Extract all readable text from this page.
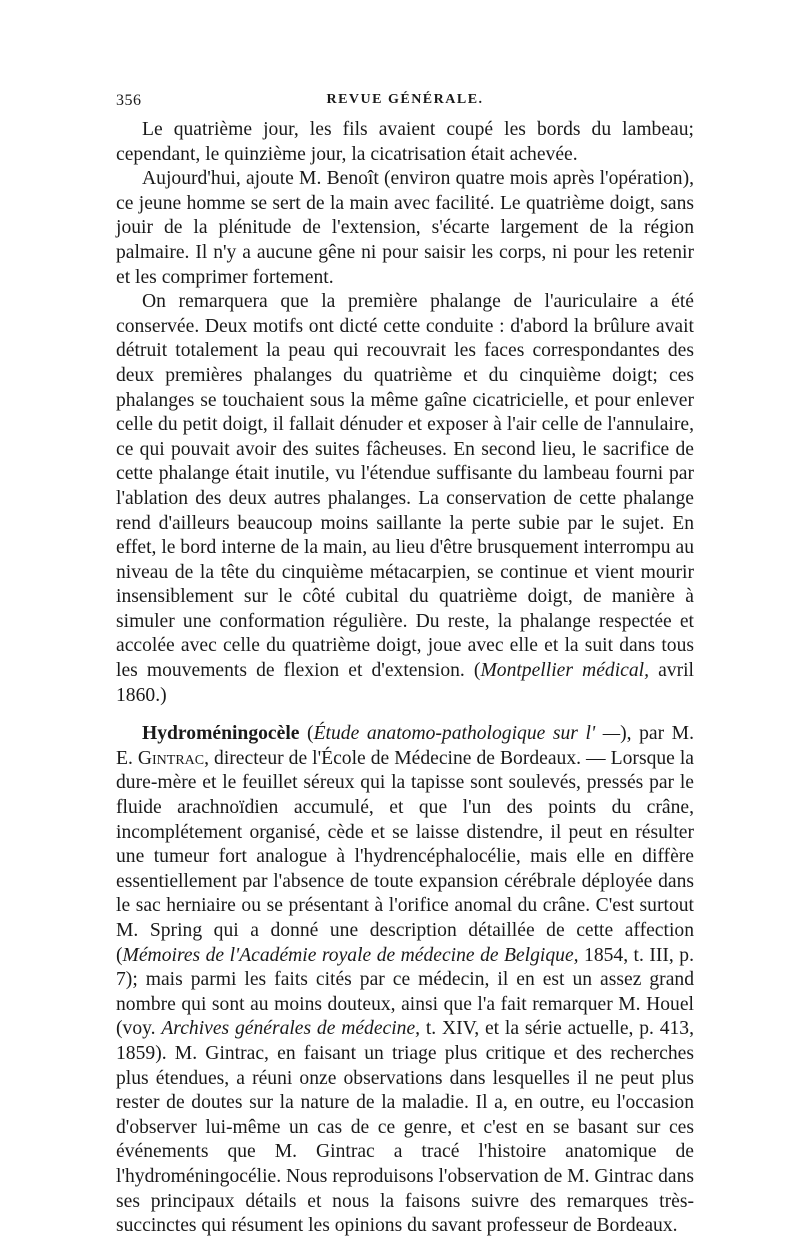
356	REVUE GÉNÉRALE.

Le quatrième jour, les fils avaient coupé les bords du lambeau; cependant, le quinzième jour, la cicatrisation était achevée.

Aujourd'hui, ajoute M. Benoît (environ quatre mois après l'opération), ce jeune homme se sert de la main avec facilité. Le quatrième doigt, sans jouir de la plénitude de l'extension, s'écarte largement de la région palmaire. Il n'y a aucune gêne ni pour saisir les corps, ni pour les retenir et les comprimer fortement.

On remarquera que la première phalange de l'auriculaire a été conservée. Deux motifs ont dicté cette conduite : d'abord la brûlure avait détruit totalement la peau qui recouvrait les faces correspondantes des deux premières phalanges du quatrième et du cinquième doigt; ces phalanges se touchaient sous la même gaîne cicatricielle, et pour enlever celle du petit doigt, il fallait dénuder et exposer à l'air celle de l'annulaire, ce qui pouvait avoir des suites fâcheuses. En second lieu, le sacrifice de cette phalange était inutile, vu l'étendue suffisante du lambeau fourni par l'ablation des deux autres phalanges. La conservation de cette phalange rend d'ailleurs beaucoup moins saillante la perte subie par le sujet. En effet, le bord interne de la main, au lieu d'être brusquement interrompu au niveau de la tête du cinquième métacarpien, se continue et vient mourir insensiblement sur le côté cubital du quatrième doigt, de manière à simuler une conformation régulière. Du reste, la phalange respectée et accolée avec celle du quatrième doigt, joue avec elle et la suit dans tous les mouvements de flexion et d'extension. (Montpellier médical, avril 1860.)

Hydroméningocèle (Étude anatomo-pathologique sur l' —), par M. E. Gintrac, directeur de l'École de Médecine de Bordeaux. — Lorsque la dure-mère et le feuillet séreux qui la tapisse sont soulevés, pressés par le fluide arachnoïdien accumulé, et que l'un des points du crâne, incomplétement organisé, cède et se laisse distendre, il peut en résulter une tumeur fort analogue à l'hydrencéphalocélie, mais elle en diffère essentiellement par l'absence de toute expansion cérébrale déployée dans le sac herniaire ou se présentant à l'orifice anomal du crâne. C'est surtout M. Spring qui a donné une description détaillée de cette affection (Mémoires de l'Académie royale de médecine de Belgique, 1854, t. III, p. 7); mais parmi les faits cités par ce médecin, il en est un assez grand nombre qui sont au moins douteux, ainsi que l'a fait remarquer M. Houel (voy. Archives générales de médecine, t. XIV, et la série actuelle, p. 413, 1859). M. Gintrac, en faisant un triage plus critique et des recherches plus étendues, a réuni onze observations dans lesquelles il ne peut plus rester de doutes sur la nature de la maladie. Il a, en outre, eu l'occasion d'observer lui-même un cas de ce genre, et c'est en se basant sur ces événements que M. Gintrac a tracé l'histoire anatomique de l'hydroméningocélie. Nous reproduisons l'observation de M. Gintrac dans ses principaux détails et nous la faisons suivre des remarques très-succinctes qui résument les opinions du savant professeur de Bordeaux.
